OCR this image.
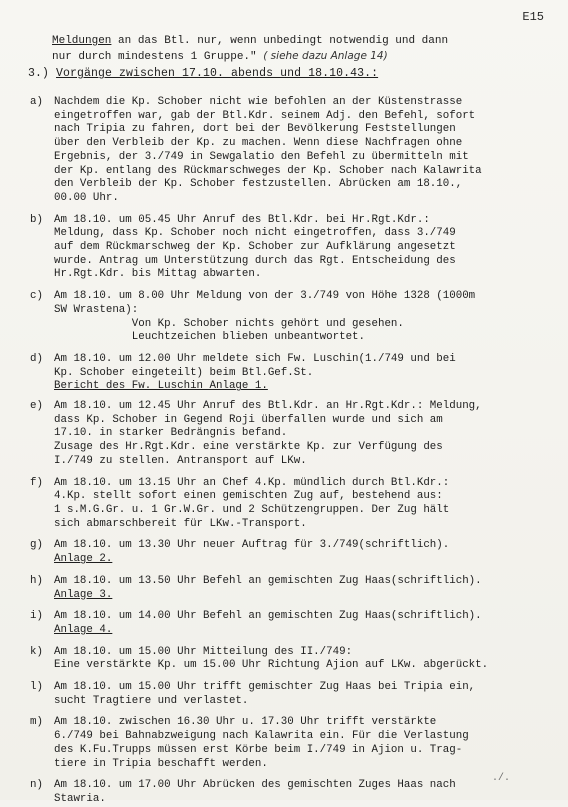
E15
Meldungen an das Btl. nur, wenn unbedingt notwendig und dann
nur durch mindestens 1 Gruppe." ( siehe dazu Anlage 14)
3.) Vorgänge zwischen 17.10. abends und 18.10.43.:
a)	Nachdem die Kp. Schober nicht wie befohlen an der Küstenstrasse
eingetroffen war, gab der Btl.Kdr. seinem Adj. den Befehl, sofort
nach Tripia zu fahren, dort bei der Bevölkerung Feststellungen
über den Verbleib der Kp. zu machen. Wenn diese Nachfragen ohne
Ergebnis, der 3./749 in Sewgalatio den Befehl zu übermitteln mit
der Kp. entlang des Rückmarschweges der Kp. Schober nach Kalawrita
den Verbleib der Kp. Schober festzustellen. Abrücken am 18.10.,
00.00 Uhr.
b)	Am 18.10. um 05.45 Uhr Anruf des Btl.Kdr. bei Hr.Rgt.Kdr.:
Meldung, dass Kp. Schober noch nicht eingetroffen, dass 3./749
auf dem Rückmarschweg der Kp. Schober zur Aufklärung angesetzt
wurde. Antrag um Unterstützung durch das Rgt. Entscheidung des
Hr.Rgt.Kdr. bis Mittag abwarten.
c)	Am 18.10. um 8.00 Uhr Meldung von der 3./749 von Höhe 1328 (1000m
SW Wrastena):
Von Kp. Schober nichts gehört und gesehen.
Leuchtzeichen blieben unbeantwortet.
d)	Am 18.10. um 12.00 Uhr meldete sich Fw. Luschin(1./749 und bei
Kp. Schober eingeteilt) beim Btl.Gef.St.
Bericht des Fw. Luschin Anlage 1.
e)	Am 18.10. um 12.45 Uhr Anruf des Btl.Kdr. an Hr.Rgt.Kdr.: Meldung,
dass Kp. Schober in Gegend Roji überfallen wurde und sich am
17.10. in starker Bedrängnis befand.
Zusage des Hr.Rgt.Kdr. eine verstärkte Kp. zur Verfügung des
I./749 zu stellen. Antransport auf LKw.
f)	Am 18.10. um 13.15 Uhr an Chef 4.Kp. mündlich durch Btl.Kdr.:
4.Kp. stellt sofort einen gemischten Zug auf, bestehend aus:
1 s.M.G.Gr. u. 1 Gr.W.Gr. und 2 Schützengruppen. Der Zug hält
sich abmarschbereit für LKw.-Transport.
g)	Am 18.10. um 13.30 Uhr neuer Auftrag für 3./749(schriftlich).
Anlage 2.
h)	Am 18.10. um 13.50 Uhr Befehl an gemischten Zug Haas(schriftlich).
Anlage 3.
i)	Am 18.10. um 14.00 Uhr Befehl an gemischten Zug Haas(schriftlich).
Anlage 4.
k)	Am 18.10. um 15.00 Uhr Mitteilung des II./749:
Eine verstärkte Kp. um 15.00 Uhr Richtung Ajion auf LKw. abgerückt.
l)	Am 18.10. um 15.00 Uhr trifft gemischter Zug Haas bei Tripia ein,
sucht Tragtiere und verlastet.
m)	Am 18.10. zwischen 16.30 Uhr u. 17.30 Uhr trifft verstärkte
6./749 bei Bahnabzweigung nach Kalawrita ein. Für die Verlastung
des K.Fu.Trupps müssen erst Körbe beim I./749 in Ajion u. Trag-
tiere in Tripia beschafft werden.
n)	Am 18.10. um 17.00 Uhr Abrücken des gemischten Zuges Haas nach
Stawria.
./.
